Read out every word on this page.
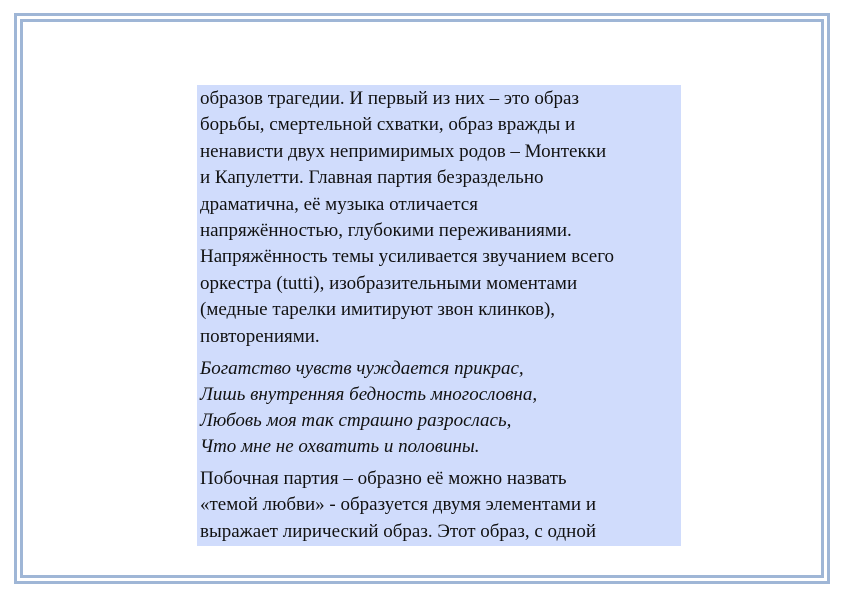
образов трагедии. И первый из них – это образ
борьбы, смертельной схватки, образ вражды и
ненависти двух непримиримых родов – Монтекки
и Капулетти. Главная партия безраздельно
драматична, её музыка отличается
напряжённостью, глубокими переживаниями.
Напряжённость темы усиливается звучанием всего
оркестра (tutti), изобразительными моментами
(медные тарелки имитируют звон клинков),
повторениями.

Богатство чувств чуждается прикрас,
Лишь внутренняя бедность многословна,
Любовь моя так страшно разрослась,
Что мне не охватить и половины.

Побочная партия – образно её можно назвать
«темой любви» - образуется двумя элементами и
выражает лирический образ. Этот образ, с одной
